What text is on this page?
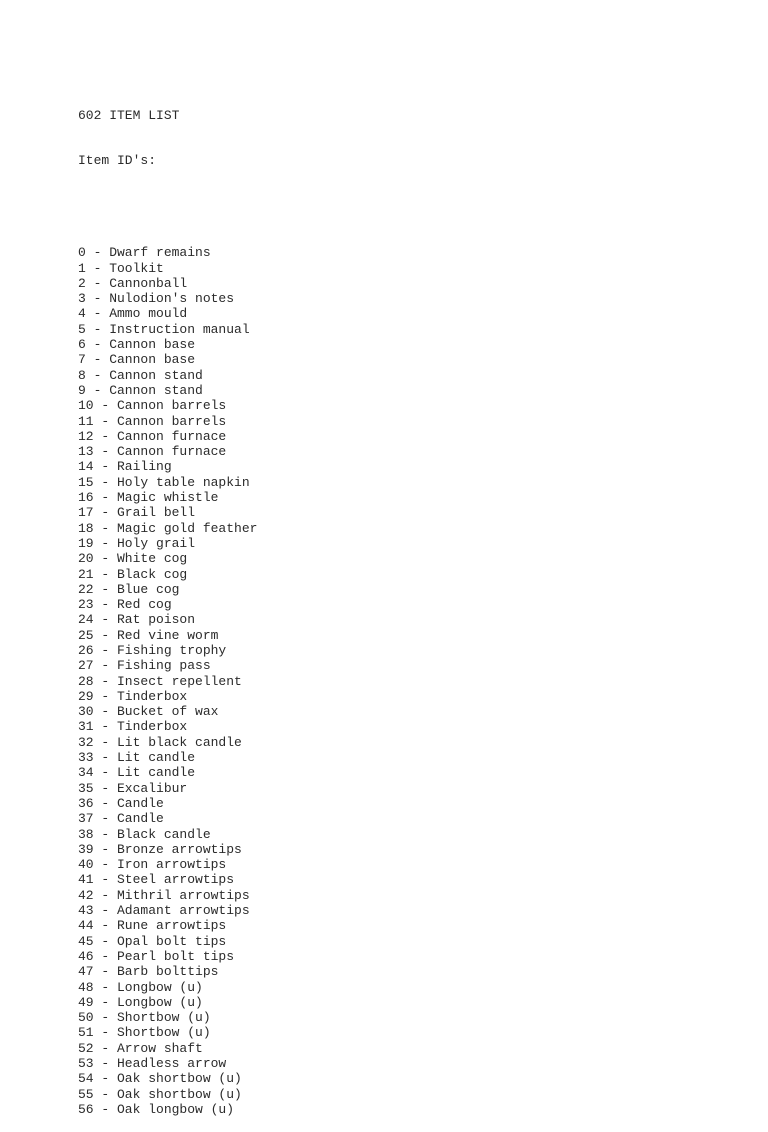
602 ITEM LIST

Item ID's:

0 - Dwarf remains
1 - Toolkit
2 - Cannonball
3 - Nulodion's notes
4 - Ammo mould
5 - Instruction manual
6 - Cannon base
7 - Cannon base
8 - Cannon stand
9 - Cannon stand
10 - Cannon barrels
11 - Cannon barrels
12 - Cannon furnace
13 - Cannon furnace
14 - Railing
15 - Holy table napkin
16 - Magic whistle
17 - Grail bell
18 - Magic gold feather
19 - Holy grail
20 - White cog
21 - Black cog
22 - Blue cog
23 - Red cog
24 - Rat poison
25 - Red vine worm
26 - Fishing trophy
27 - Fishing pass
28 - Insect repellent
29 - Tinderbox
30 - Bucket of wax
31 - Tinderbox
32 - Lit black candle
33 - Lit candle
34 - Lit candle
35 - Excalibur
36 - Candle
37 - Candle
38 - Black candle
39 - Bronze arrowtips
40 - Iron arrowtips
41 - Steel arrowtips
42 - Mithril arrowtips
43 - Adamant arrowtips
44 - Rune arrowtips
45 - Opal bolt tips
46 - Pearl bolt tips
47 - Barb bolttips
48 - Longbow (u)
49 - Longbow (u)
50 - Shortbow (u)
51 - Shortbow (u)
52 - Arrow shaft
53 - Headless arrow
54 - Oak shortbow (u)
55 - Oak shortbow (u)
56 - Oak longbow (u)
